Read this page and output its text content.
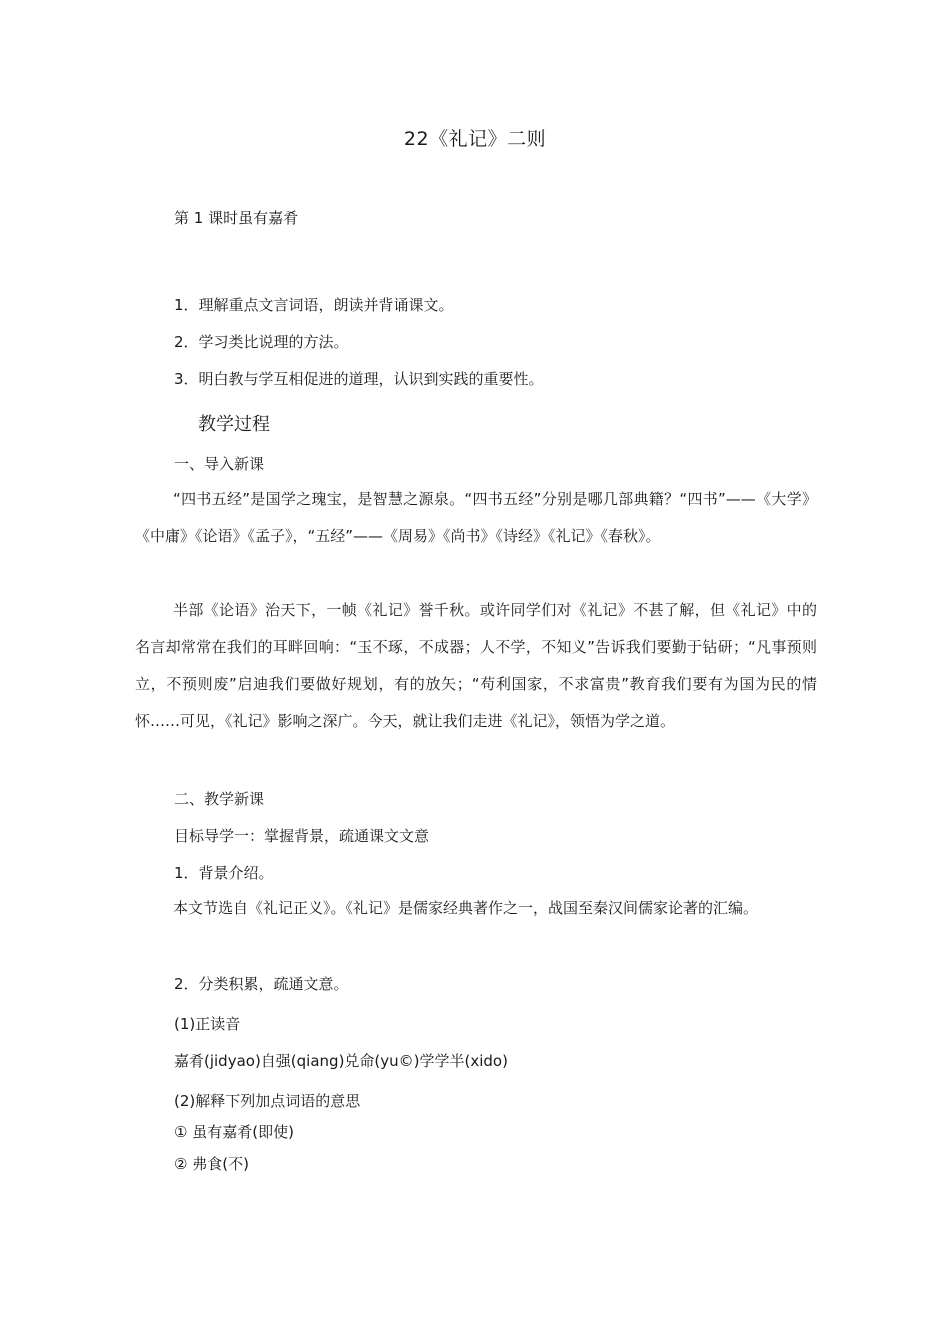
22《礼记》二则
第 1 课时虽有嘉肴
1．理解重点文言词语，朗读并背诵课文。
2．学习类比说理的方法。
3．明白教与学互相促进的道理，认识到实践的重要性。
教学过程
一、导入新课
“四书五经”是国学之瑰宝，是智慧之源泉。“四书五经”分别是哪几部典籍？“四书”——《大学》《中庸》《论语》《孟子》，“五经”——《周易》《尚书》《诗经》《礼记》《春秋》。
半部《论语》治天下，一帧《礼记》誉千秋。或许同学们对《礼记》不甚了解，但《礼记》中的名言却常常在我们的耳畔回响：“玉不琢，不成器；人不学，不知义”告诉我们要勤于钻研；“凡事预则立，不预则废”启迪我们要做好规划，有的放矢；“苟利国家，不求富贵”教育我们要有为国为民的情怀……可见，《礼记》影响之深广。今天，就让我们走进《礼记》，领悟为学之道。
二、教学新课
目标导学一：掌握背景，疏通课文文意
1．背景介绍。
本文节选自《礼记正义》。《礼记》是儒家经典著作之一，战国至秦汉间儒家论著的汇编。
2．分类积累，疏通文意。
(1)正读音
嘉肴(jidyao)自强(qiang)兑命(yu©)学学半(xido)
(2)解释下列加点词语的意思
① 虽有嘉肴(即使)
② 弗食(不)
